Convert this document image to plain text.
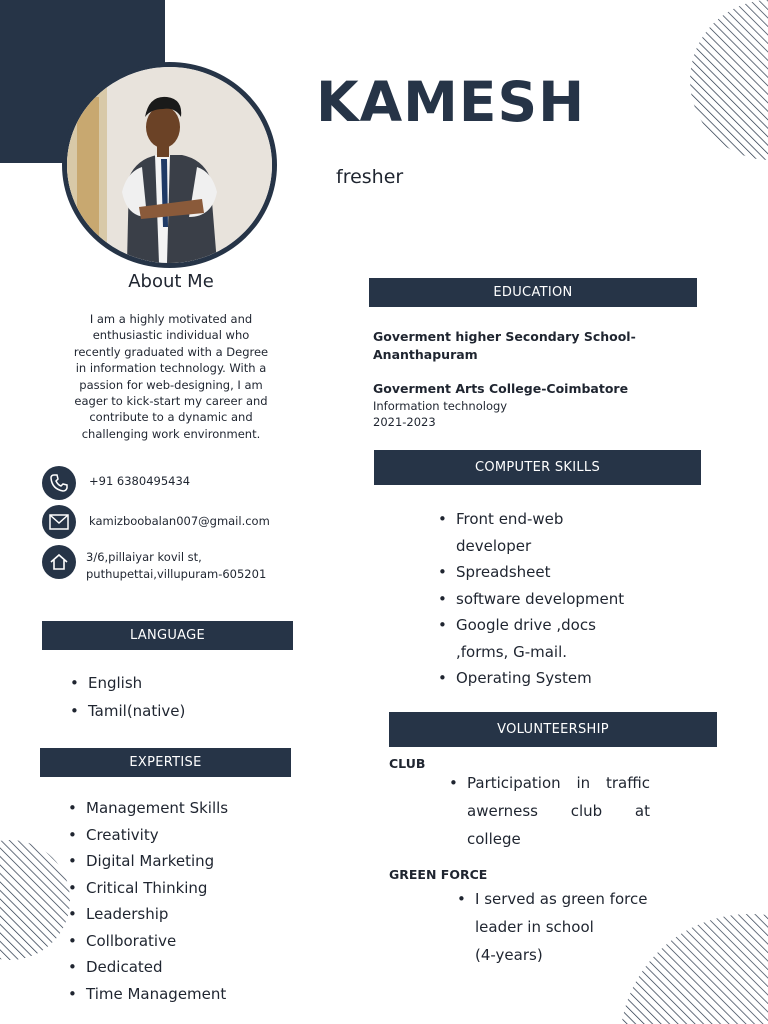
KAMESH
fresher
About Me
I am a highly motivated and
enthusiastic individual who
recently graduated with a Degree
in information technology. With a
passion for web-designing, I am
eager to kick-start my career and
contribute to a dynamic and
challenging work environment.
+91 6380495434
kamizboobalan007@gmail.com
3/6,pillaiyar kovil st,
puthupettai,villupuram-605201
LANGUAGE
• English
• Tamil(native)
EXPERTISE
• Management Skills
• Creativity
• Digital Marketing
• Critical Thinking
• Leadership
• Collborative
• Dedicated
• Time Management
EDUCATION
Goverment higher Secondary School-
Ananthapuram
Goverment Arts College-Coimbatore
Information technology
2021-2023
COMPUTER SKILLS
• Front end-web
developer
• Spreadsheet
• software development
• Google drive ,docs
,forms, G-mail.
• Operating System
VOLUNTEERSHIP
CLUB
• Participation in traffic
awerness club at
college
GREEN FORCE
• I served as green force
leader in school
(4-years)
